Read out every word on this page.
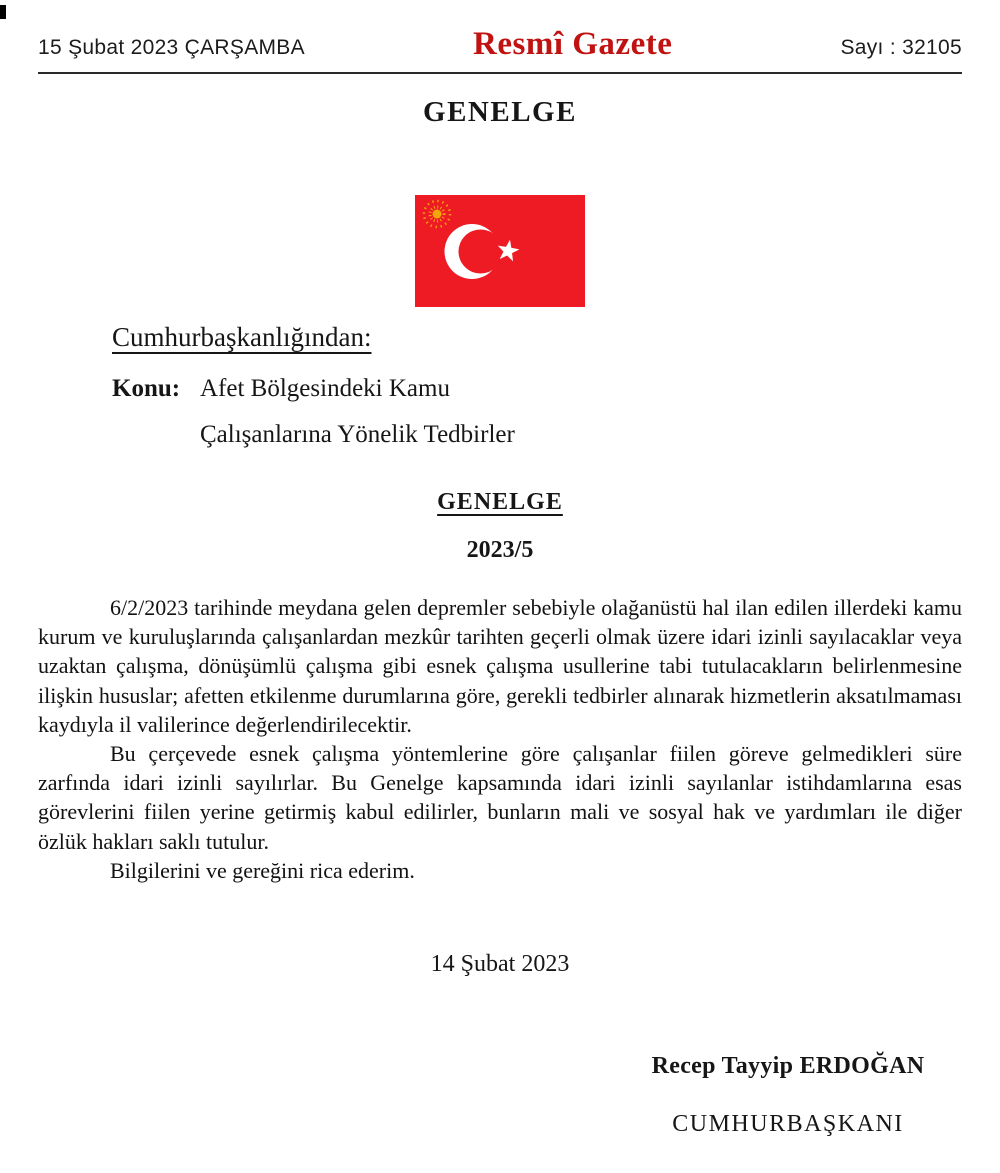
15 Şubat 2023 ÇARŞAMBA	Resmî Gazete	Sayı : 32105
GENELGE
Cumhurbaşkanlığından:
Konu: Afet Bölgesindeki Kamu
Çalışanlarına Yönelik Tedbirler
GENELGE
2023/5

6/2/2023 tarihinde meydana gelen depremler sebebiyle olağanüstü hal ilan edilen illerdeki kamu kurum ve kuruluşlarında çalışanlardan mezkûr tarihten geçerli olmak üzere idari izinli sayılacaklar veya uzaktan çalışma, dönüşümlü çalışma gibi esnek çalışma usullerine tabi tutulacakların belirlenmesine ilişkin hususlar; afetten etkilenme durumlarına göre, gerekli tedbirler alınarak hizmetlerin aksatılmaması kaydıyla il valilerince değerlendirilecektir.

Bu çerçevede esnek çalışma yöntemlerine göre çalışanlar fiilen göreve gelmedikleri süre zarfında idari izinli sayılırlar. Bu Genelge kapsamında idari izinli sayılanlar istihdamlarına esas görevlerini fiilen yerine getirmiş kabul edilirler, bunların mali ve sosyal hak ve yardımları ile diğer özlük hakları saklı tutulur.

Bilgilerini ve gereğini rica ederim.

14 Şubat 2023
Recep Tayyip ERDOĞAN
CUMHURBAŞKANI
